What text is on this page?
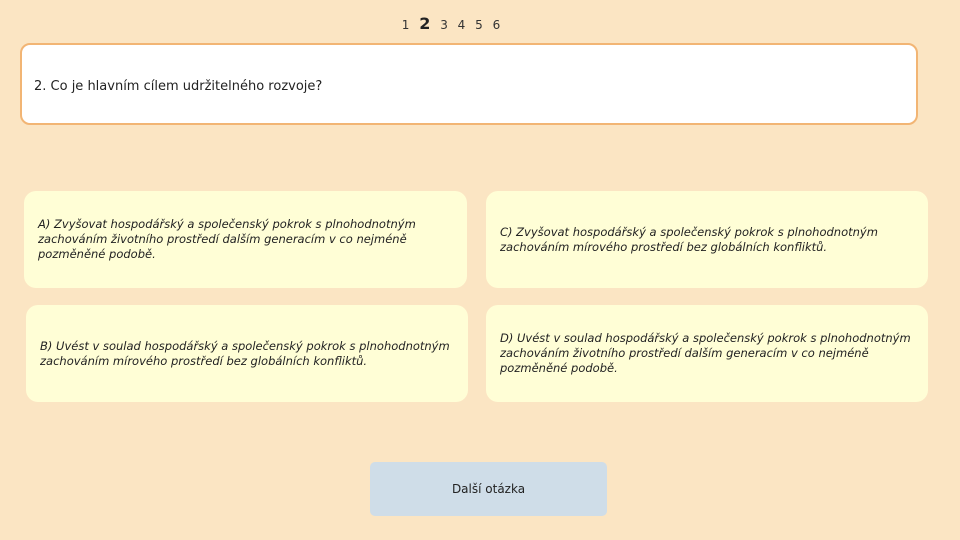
1 2 3 4 5 6
2. Co je hlavním cílem udržitelného rozvoje?
A) Zvyšovat hospodářský a společenský pokrok s plnohodnotným zachováním životního prostředí dalším generacím v co nejméně pozměněné podobě.
C) Zvyšovat hospodářský a společenský pokrok s plnohodnotným zachováním mírového prostředí bez globálních konfliktů.
B) Uvést v soulad hospodářský a společenský pokrok s plnohodnotným zachováním mírového prostředí bez globálních konfliktů.
D) Uvést v soulad hospodářský a společenský pokrok s plnohodnotným zachováním životního prostředí dalším generacím v co nejméně pozměněné podobě.
Další otázka
